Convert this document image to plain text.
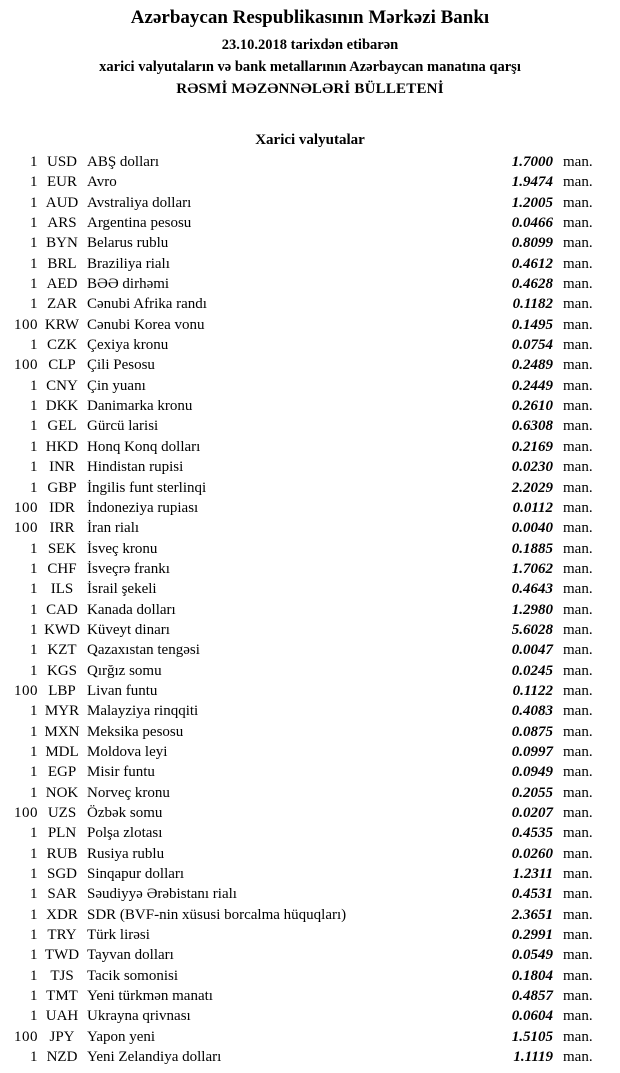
Azərbaycan Respublikasının Mərkəzi Bankı
23.10.2018 tarixdən etibarən
xarici valyutaların və bank metallarının Azərbaycan manatına qarşı
RƏSMİ MƏZƏNNƏLƏRİ BÜLLETENİ
Xarici valyutalar
1 USD ABŞ dolları	1.7000 man.
1 EUR Avro	1.9474 man.
1 AUD Avstraliya dolları	1.2005 man.
1 ARS Argentina pesosu	0.0466 man.
1 BYN Belarus rublu	0.8099 man.
1 BRL Braziliya rialı	0.4612 man.
1 AED BƏƏ dirhəmi	0.4628 man.
1 ZAR Cənubi Afrika randı	0.1182 man.
100 KRW Cənubi Korea vonu	0.1495 man.
1 CZK Çexiya kronu	0.0754 man.
100 CLP Çili Pesosu	0.2489 man.
1 CNY Çin yuanı	0.2449 man.
1 DKK Danimarka kronu	0.2610 man.
1 GEL Gürcü larisi	0.6308 man.
1 HKD Honq Konq dolları	0.2169 man.
1 INR Hindistan rupisi	0.0230 man.
1 GBP İngilis funt sterlinqi	2.2029 man.
100 IDR İndoneziya rupiası	0.0112 man.
100 IRR İran rialı	0.0040 man.
1 SEK İsveç kronu	0.1885 man.
1 CHF İsveçrə frankı	1.7062 man.
1 ILS İsrail şekeli	0.4643 man.
1 CAD Kanada dolları	1.2980 man.
1 KWD Küveyt dinarı	5.6028 man.
1 KZT Qazaxıstan tengəsi	0.0047 man.
1 KGS Qırğız somu	0.0245 man.
100 LBP Livan funtu	0.1122 man.
1 MYR Malayziya rinqqiti	0.4083 man.
1 MXN Meksika pesosu	0.0875 man.
1 MDL Moldova leyi	0.0997 man.
1 EGP Misir funtu	0.0949 man.
1 NOK Norveç kronu	0.2055 man.
100 UZS Özbək somu	0.0207 man.
1 PLN Polşa zlotası	0.4535 man.
1 RUB Rusiya rublu	0.0260 man.
1 SGD Sinqapur dolları	1.2311 man.
1 SAR Səudiyyə Ərəbistanı rialı	0.4531 man.
1 XDR SDR (BVF-nin xüsusi borcalma hüquqları)	2.3651 man.
1 TRY Türk lirəsi	0.2991 man.
1 TWD Tayvan dolları	0.0549 man.
1 TJS Tacik somonisi	0.1804 man.
1 TMT Yeni türkmən manatı	0.4857 man.
1 UAH Ukrayna qrivnası	0.0604 man.
100 JPY Yapon yeni	1.5105 man.
1 NZD Yeni Zelandiya dolları	1.1119 man.
